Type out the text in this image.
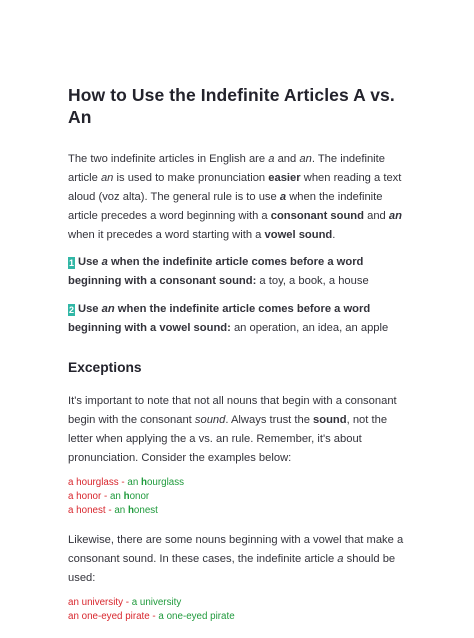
How to Use the Indefinite Articles A vs. An

The two indefinite articles in English are a and an. The indefinite article an is used to make pronunciation easier when reading a text aloud (voz alta). The general rule is to use a when the indefinite article precedes a word beginning with a consonant sound and an when it precedes a word starting with a vowel sound.

1 Use a when the indefinite article comes before a word beginning with a consonant sound: a toy, a book, a house

2 Use an when the indefinite article comes before a word beginning with a vowel sound: an operation, an idea, an apple

Exceptions

It's important to note that not all nouns that begin with a consonant begin with the consonant sound. Always trust the sound, not the letter when applying the a vs. an rule. Remember, it's about pronunciation. Consider the examples below:

a hourglass - an hourglass
a honor - an honor
a honest - an honest

Likewise, there are some nouns beginning with a vowel that make a consonant sound. In these cases, the indefinite article a should be used:

an university - a university
an one-eyed pirate - a one-eyed pirate
